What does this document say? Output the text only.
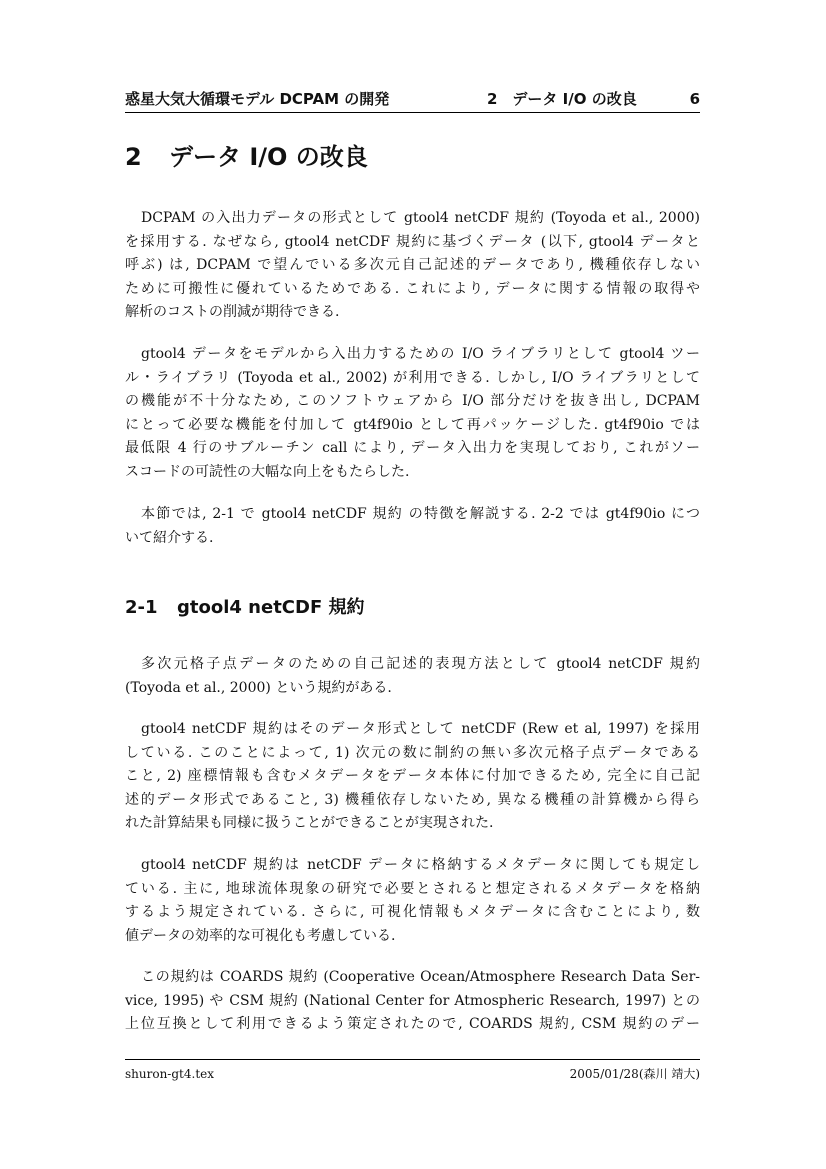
惑星大気大循環モデル DCPAM の開発	2　データ I/O の改良	6
2 データ I/O の改良
DCPAM の入出力データの形式として gtool4 netCDF 規約 (Toyoda et al., 2000)
を採用する. なぜなら, gtool4 netCDF 規約に基づくデータ (以下, gtool4 データと
呼ぶ) は, DCPAM で望んでいる多次元自己記述的データであり, 機種依存しない
ために可搬性に優れているためである. これにより, データに関する情報の取得や
解析のコストの削減が期待できる.
gtool4 データをモデルから入出力するための I/O ライブラリとして gtool4 ツー
ル・ライブラリ (Toyoda et al., 2002) が利用できる. しかし, I/O ライブラリとして
の機能が不十分なため, このソフトウェアから I/O 部分だけを抜き出し, DCPAM
にとって必要な機能を付加して gt4f90io として再パッケージした. gt4f90io では
最低限 4 行のサブルーチン call により, データ入出力を実現しており, これがソー
スコードの可読性の大幅な向上をもたらした.
本節では, 2-1 で gtool4 netCDF 規約 の特徴を解説する. 2-2 では gt4f90io につ
いて紹介する.
2-1 gtool4 netCDF 規約
多次元格子点データのための自己記述的表現方法として gtool4 netCDF 規約
(Toyoda et al., 2000) という規約がある.
gtool4 netCDF 規約はそのデータ形式として netCDF (Rew et al, 1997) を採用
している. このことによって, 1) 次元の数に制約の無い多次元格子点データである
こと, 2) 座標情報も含むメタデータをデータ本体に付加できるため, 完全に自己記
述的データ形式であること, 3) 機種依存しないため, 異なる機種の計算機から得ら
れた計算結果も同様に扱うことができることが実現された.
gtool4 netCDF 規約は netCDF データに格納するメタデータに関しても規定し
ている. 主に, 地球流体現象の研究で必要とされると想定されるメタデータを格納
するよう規定されている. さらに, 可視化情報もメタデータに含むことにより, 数
値データの効率的な可視化も考慮している.
この規約は COARDS 規約 (Cooperative Ocean/Atmosphere Research Data Ser-
vice, 1995) や CSM 規約 (National Center for Atmospheric Research, 1997) との
上位互換として利用できるよう策定されたので, COARDS 規約, CSM 規約のデー
shuron-gt4.tex	2005/01/28(森川 靖大)
